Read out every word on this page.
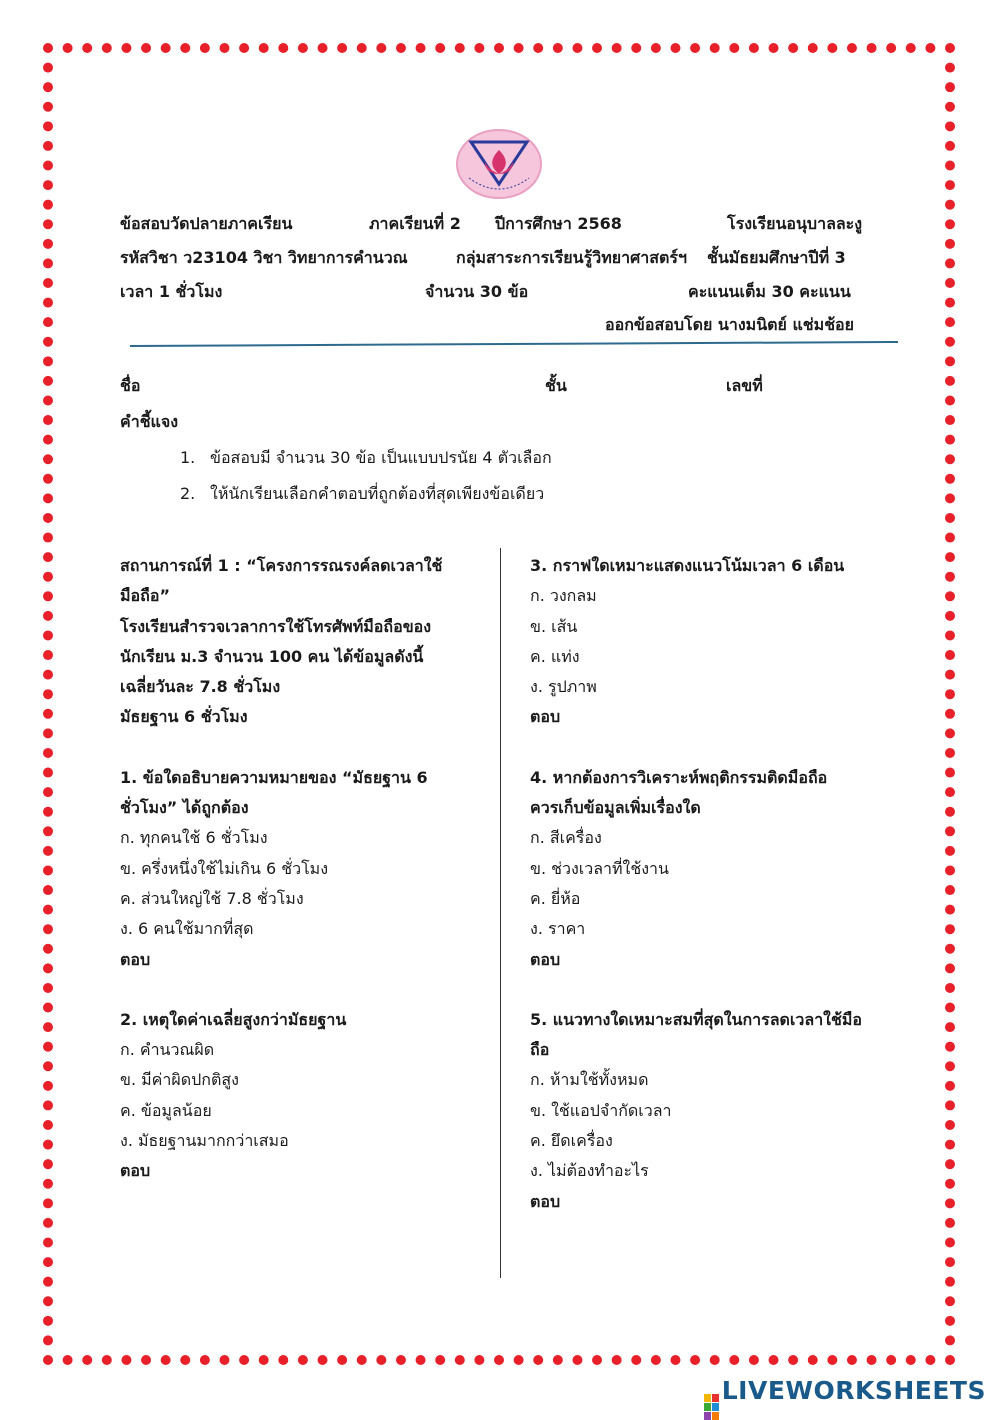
ข้อสอบวัดปลายภาคเรียน	ภาคเรียนที่ 2 ปีการศึกษา 2568	โรงเรียนอนุบาลละงู
รหัสวิชา ว23104 วิชา วิทยาการคำนวณ	กลุ่มสาระการเรียนรู้วิทยาศาสตร์ฯ ชั้นมัธยมศึกษาปีที่ 3
เวลา 1 ชั่วโมง	จำนวน 30 ข้อ	คะแนนเต็ม 30 คะแนน
ออกข้อสอบโดย นางมนิตย์ แช่มช้อย
ชื่อ	ชั้น	เลขที่
คำชี้แจง
1. ข้อสอบมี จำนวน 30 ข้อ เป็นแบบปรนัย 4 ตัวเลือก
2. ให้นักเรียนเลือกคำตอบที่ถูกต้องที่สุดเพียงข้อเดียว
สถานการณ์ที่ 1 : “โครงการรณรงค์ลดเวลาใช้
มือถือ”
โรงเรียนสำรวจเวลาการใช้โทรศัพท์มือถือของ
นักเรียน ม.3 จำนวน 100 คน ได้ข้อมูลดังนี้
เฉลี่ยวันละ 7.8 ชั่วโมง
มัธยฐาน 6 ชั่วโมง
1. ข้อใดอธิบายความหมายของ “มัธยฐาน 6
ชั่วโมง” ได้ถูกต้อง
ก. ทุกคนใช้ 6 ชั่วโมง
ข. ครึ่งหนึ่งใช้ไม่เกิน 6 ชั่วโมง
ค. ส่วนใหญ่ใช้ 7.8 ชั่วโมง
ง. 6 คนใช้มากที่สุด
ตอบ
2. เหตุใดค่าเฉลี่ยสูงกว่ามัธยฐาน
ก. คำนวณผิด
ข. มีค่าผิดปกติสูง
ค. ข้อมูลน้อย
ง. มัธยฐานมากกว่าเสมอ
ตอบ
3. กราฟใดเหมาะแสดงแนวโน้มเวลา 6 เดือน
ก. วงกลม
ข. เส้น
ค. แท่ง
ง. รูปภาพ
ตอบ
4. หากต้องการวิเคราะห์พฤติกรรมติดมือถือ
ควรเก็บข้อมูลเพิ่มเรื่องใด
ก. สีเครื่อง
ข. ช่วงเวลาที่ใช้งาน
ค. ยี่ห้อ
ง. ราคา
ตอบ
5. แนวทางใดเหมาะสมที่สุดในการลดเวลาใช้มือ
ถือ
ก. ห้ามใช้ทั้งหมด
ข. ใช้แอปจำกัดเวลา
ค. ยึดเครื่อง
ง. ไม่ต้องทำอะไร
ตอบ
LIVEWORKSHEETS
